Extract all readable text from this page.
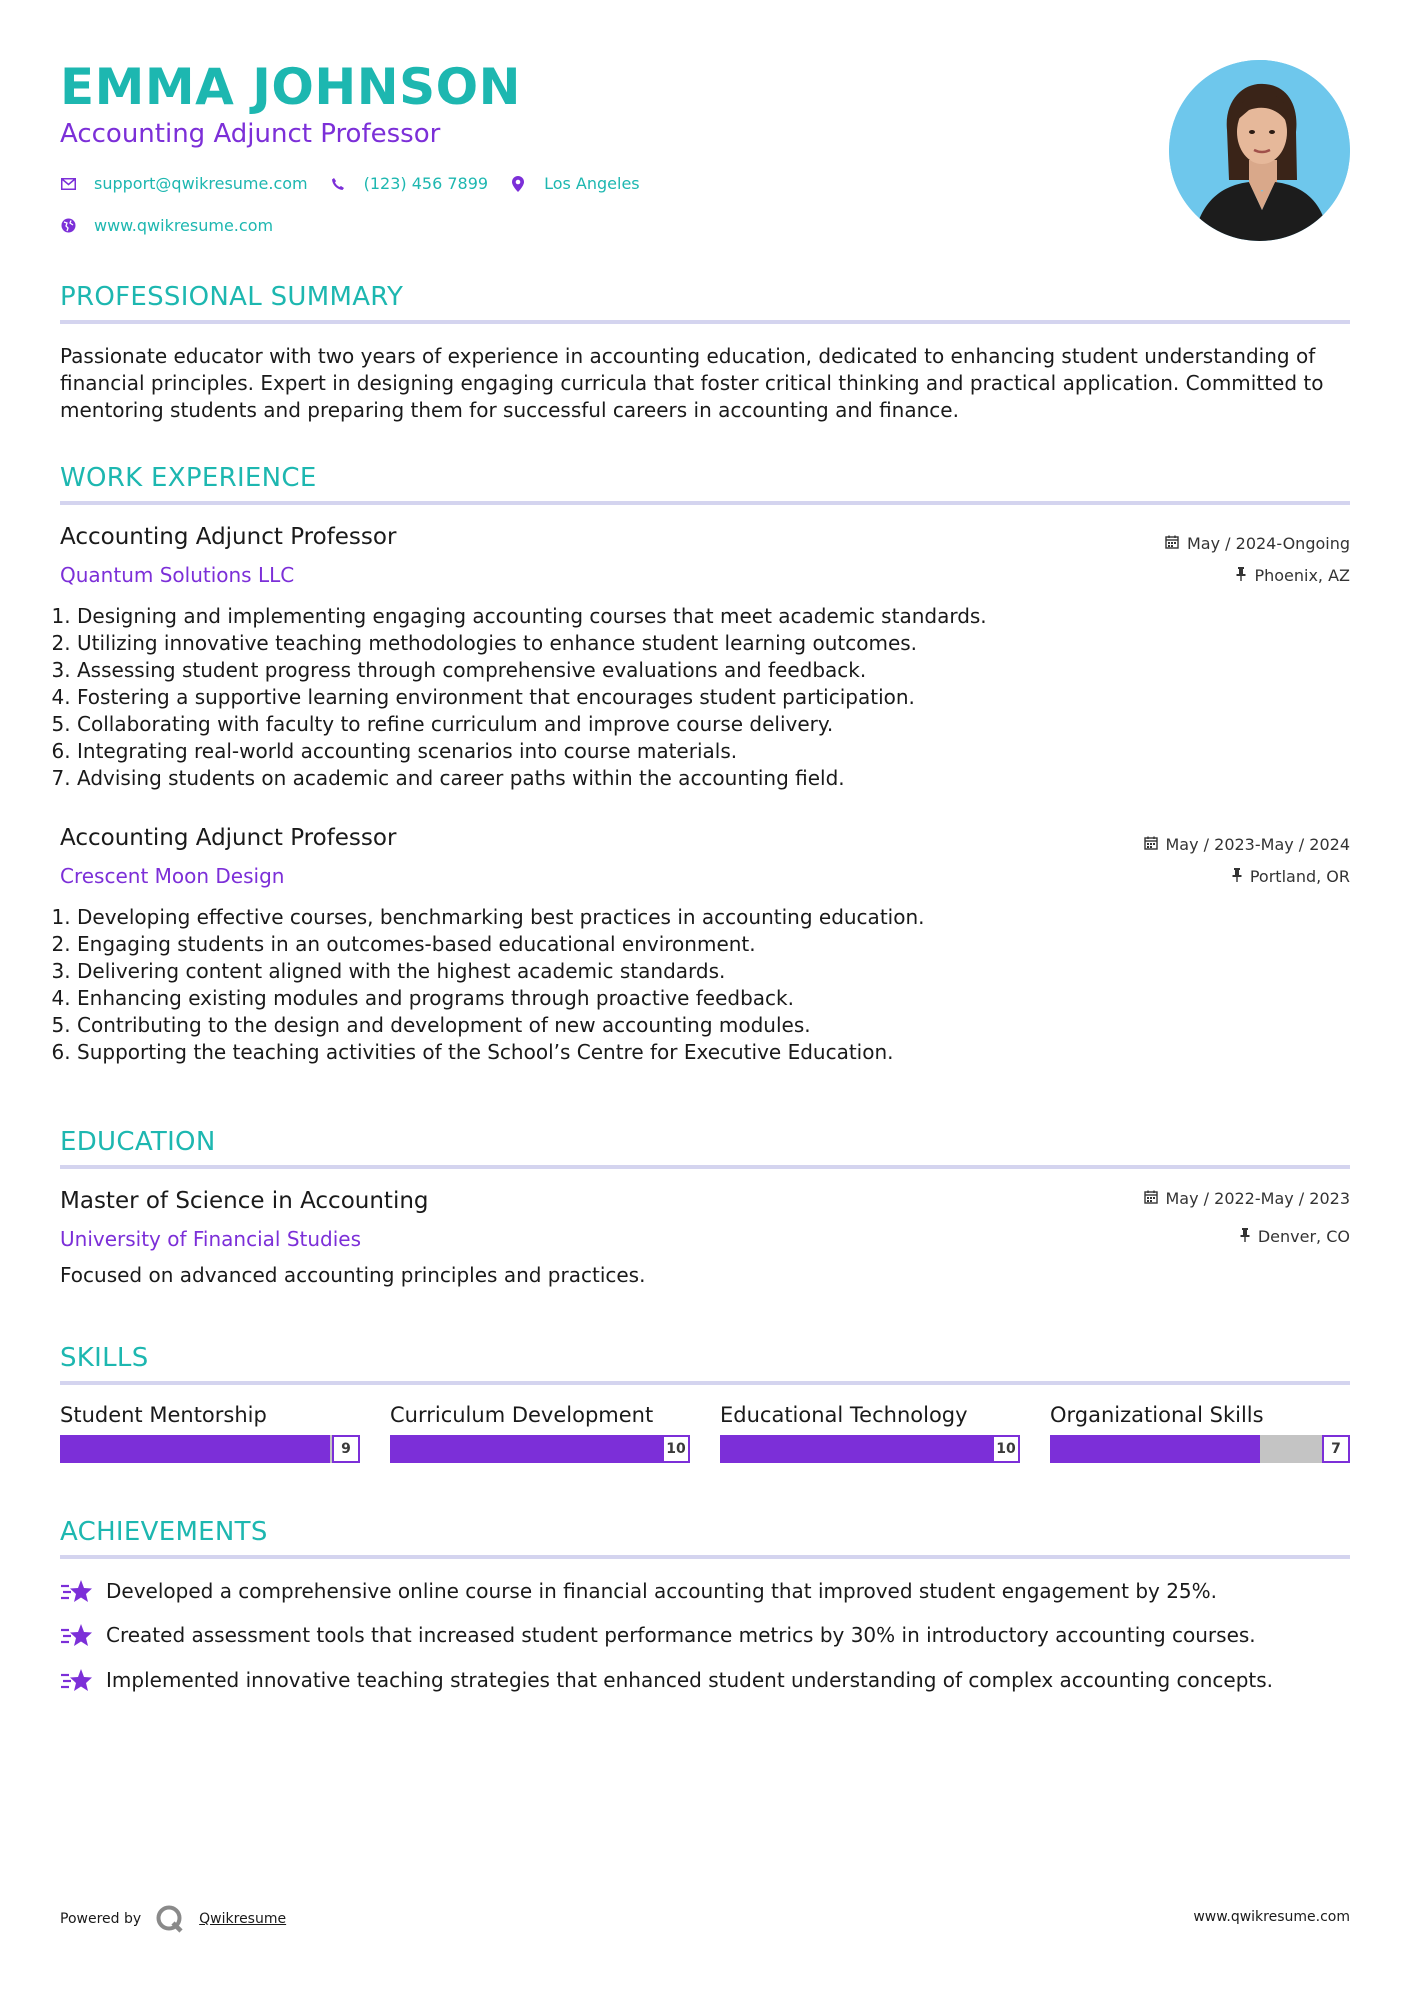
EMMA JOHNSON
Accounting Adjunct Professor
support@qwikresume.com	(123) 456 7899	Los Angeles
www.qwikresume.com
PROFESSIONAL SUMMARY
Passionate educator with two years of experience in accounting education, dedicated to enhancing student understanding of financial principles. Expert in designing engaging curricula that foster critical thinking and practical application. Committed to mentoring students and preparing them for successful careers in accounting and finance.
WORK EXPERIENCE
Accounting Adjunct Professor
Quantum Solutions LLC
May / 2024-Ongoing
Phoenix, AZ
1. Designing and implementing engaging accounting courses that meet academic standards.
2. Utilizing innovative teaching methodologies to enhance student learning outcomes.
3. Assessing student progress through comprehensive evaluations and feedback.
4. Fostering a supportive learning environment that encourages student participation.
5. Collaborating with faculty to refine curriculum and improve course delivery.
6. Integrating real-world accounting scenarios into course materials.
7. Advising students on academic and career paths within the accounting field.
Accounting Adjunct Professor
Crescent Moon Design
May / 2023-May / 2024
Portland, OR
1. Developing effective courses, benchmarking best practices in accounting education.
2. Engaging students in an outcomes-based educational environment.
3. Delivering content aligned with the highest academic standards.
4. Enhancing existing modules and programs through proactive feedback.
5. Contributing to the design and development of new accounting modules.
6. Supporting the teaching activities of the School’s Centre for Executive Education.
EDUCATION
Master of Science in Accounting
University of Financial Studies
May / 2022-May / 2023
Denver, CO
Focused on advanced accounting principles and practices.
SKILLS
Student Mentorship
9
Curriculum Development
10
Educational Technology
10
Organizational Skills
7
ACHIEVEMENTS
Developed a comprehensive online course in financial accounting that improved student engagement by 25%.
Created assessment tools that increased student performance metrics by 30% in introductory accounting courses.
Implemented innovative teaching strategies that enhanced student understanding of complex accounting concepts.
Powered by	Qwikresume	www.qwikresume.com
